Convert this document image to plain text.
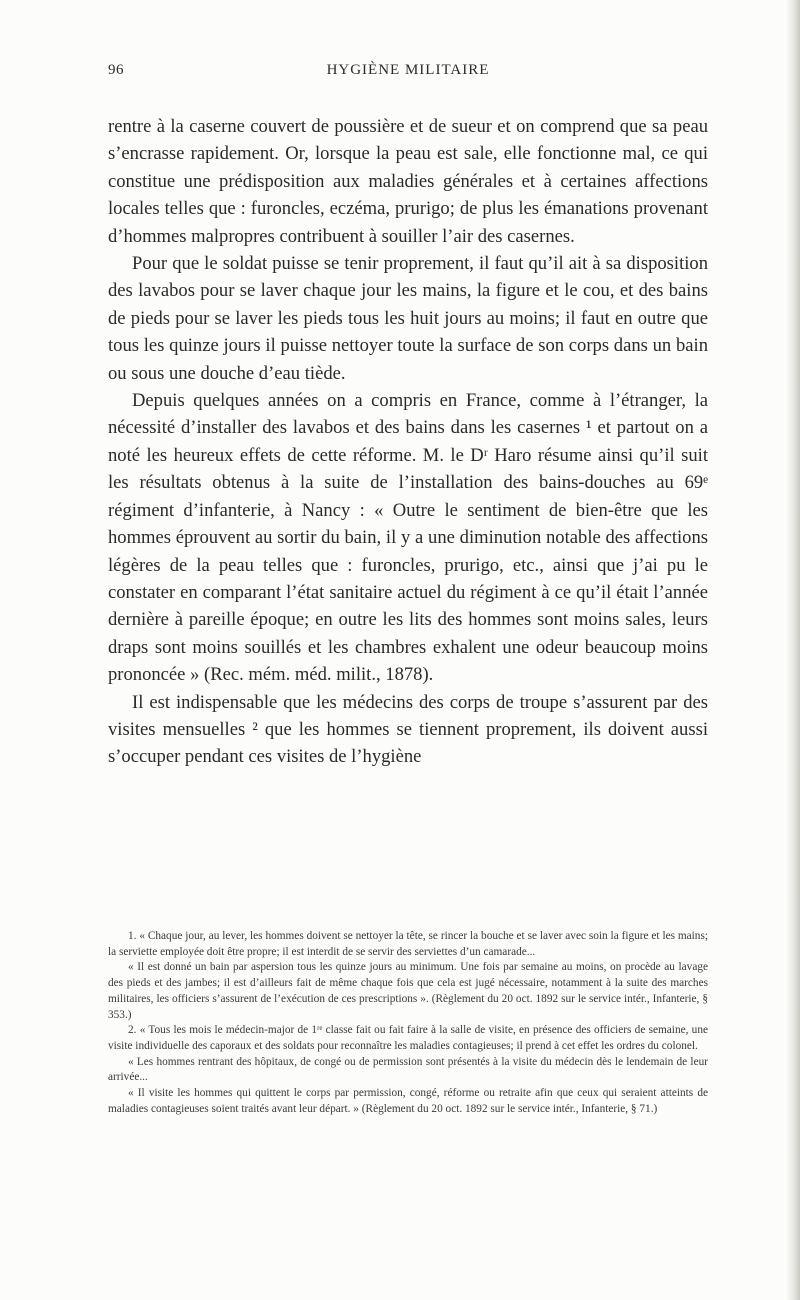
96	HYGIÈNE MILITAIRE

rentre à la caserne couvert de poussière et de sueur et on comprend que sa peau s’encrasse rapidement. Or, lorsque la peau est sale, elle fonctionne mal, ce qui constitue une prédisposition aux maladies générales et à certaines affections locales telles que : furoncles, eczéma, prurigo; de plus les émanations provenant d’hommes malpropres contribuent à souiller l’air des casernes.

Pour que le soldat puisse se tenir proprement, il faut qu’il ait à sa disposition des lavabos pour se laver chaque jour les mains, la figure et le cou, et des bains de pieds pour se laver les pieds tous les huit jours au moins; il faut en outre que tous les quinze jours il puisse nettoyer toute la surface de son corps dans un bain ou sous une douche d’eau tiède.

Depuis quelques années on a compris en France, comme à l’étranger, la nécessité d’installer des lavabos et des bains dans les casernes ¹ et partout on a noté les heureux effets de cette réforme. M. le Dʳ Haro résume ainsi qu’il suit les résultats obtenus à la suite de l’installation des bains-douches au 69ᵉ régiment d’infanterie, à Nancy : « Outre le sentiment de bien-être que les hommes éprouvent au sortir du bain, il y a une diminution notable des affections légères de la peau telles que : furoncles, prurigo, etc., ainsi que j’ai pu le constater en comparant l’état sanitaire actuel du régiment à ce qu’il était l’année dernière à pareille époque; en outre les lits des hommes sont moins sales, leurs draps sont moins souillés et les chambres exhalent une odeur beaucoup moins prononcée » (Rec. mém. méd. milit., 1878).

Il est indispensable que les médecins des corps de troupe s’assurent par des visites mensuelles ² que les hommes se tiennent proprement, ils doivent aussi s’occuper pendant ces visites de l’hygiène

1. « Chaque jour, au lever, les hommes doivent se nettoyer la tête, se rincer la bouche et se laver avec soin la figure et les mains; la serviette employée doit être propre; il est interdit de se servir des serviettes d’un camarade...

« Il est donné un bain par aspersion tous les quinze jours au minimum. Une fois par semaine au moins, on procède au lavage des pieds et des jambes; il est d’ailleurs fait de même chaque fois que cela est jugé nécessaire, notamment à la suite des marches militaires, les officiers s’assurent de l’exécution de ces prescriptions ». (Règlement du 20 oct. 1892 sur le service intér., Infanterie, § 353.)

2. « Tous les mois le médecin-major de 1ʳᵉ classe fait ou fait faire à la salle de visite, en présence des officiers de semaine, une visite individuelle des caporaux et des soldats pour reconnaître les maladies contagieuses; il prend à cet effet les ordres du colonel.

« Les hommes rentrant des hôpitaux, de congé ou de permission sont présentés à la visite du médecin dès le lendemain de leur arrivée...

« Il visite les hommes qui quittent le corps par permission, congé, réforme ou retraite afin que ceux qui seraient atteints de maladies contagieuses soient traités avant leur départ. » (Règlement du 20 oct. 1892 sur le service intér., Infanterie, § 71.)
